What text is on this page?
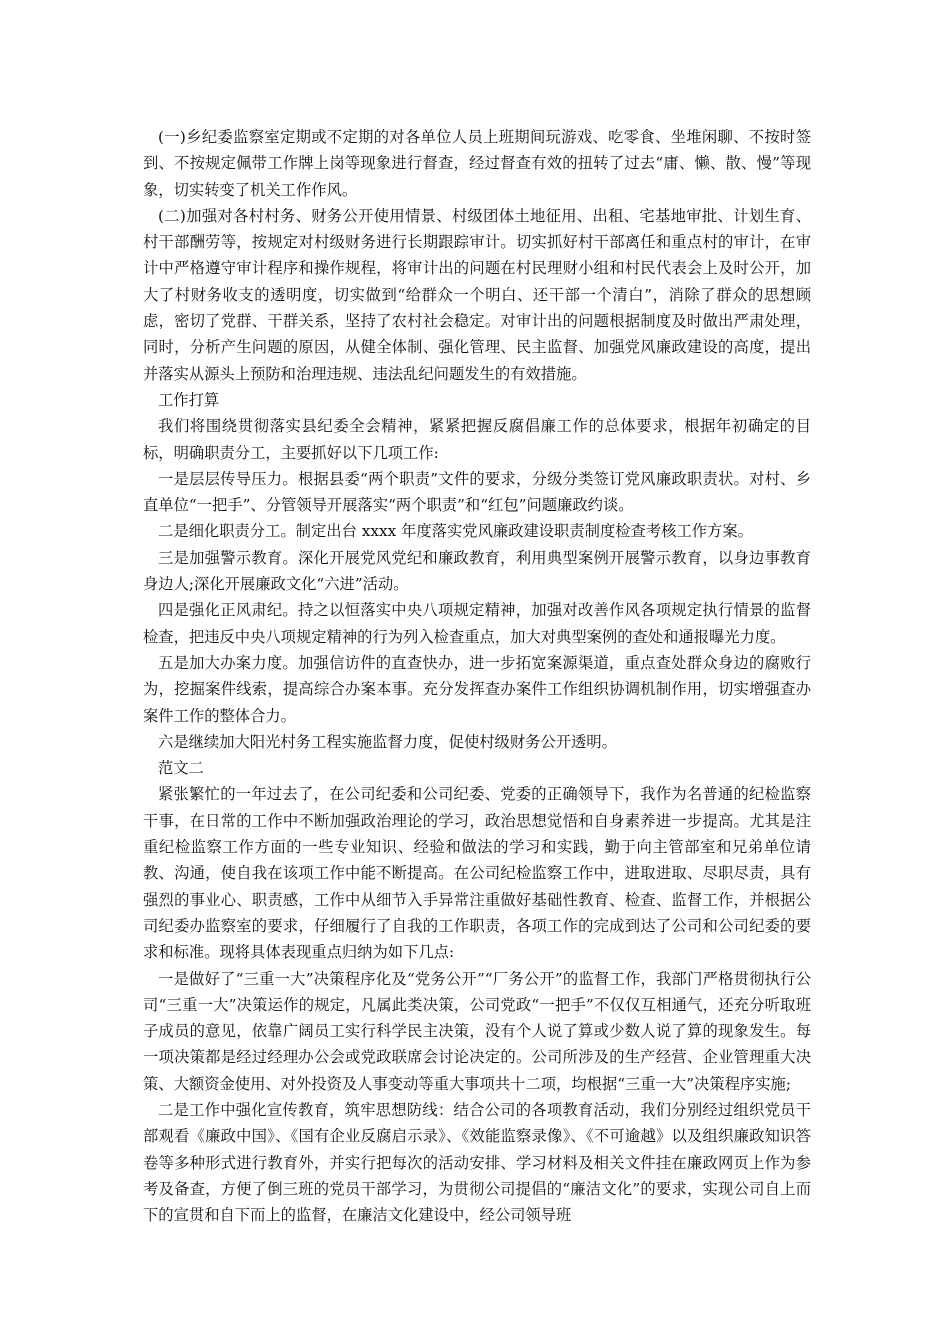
(一)乡纪委监察室定期或不定期的对各单位人员上班期间玩游戏、吃零食、坐堆闲聊、不按时签到、不按规定佩带工作牌上岗等现象进行督查，经过督查有效的扭转了过去“庸、懒、散、慢”等现象，切实转变了机关工作作风。

(二)加强对各村村务、财务公开使用情景、村级团体土地征用、出租、宅基地审批、计划生育、村干部酬劳等，按规定对村级财务进行长期跟踪审计。切实抓好村干部离任和重点村的审计，在审计中严格遵守审计程序和操作规程，将审计出的问题在村民理财小组和村民代表会上及时公开，加大了村财务收支的透明度，切实做到“给群众一个明白、还干部一个清白”，消除了群众的思想顾虑，密切了党群、干群关系，坚持了农村社会稳定。对审计出的问题根据制度及时做出严肃处理，同时，分析产生问题的原因，从健全体制、强化管理、民主监督、加强党风廉政建设的高度，提出并落实从源头上预防和治理违规、违法乱纪问题发生的有效措施。

工作打算

我们将围绕贯彻落实县纪委全会精神，紧紧把握反腐倡廉工作的总体要求，根据年初确定的目标，明确职责分工，主要抓好以下几项工作:

一是层层传导压力。根据县委“两个职责”文件的要求，分级分类签订党风廉政职责状。对村、乡直单位“一把手”、分管领导开展落实“两个职责”和“红包”问题廉政约谈。

二是细化职责分工。制定出台 xxxx 年度落实党风廉政建设职责制度检查考核工作方案。

三是加强警示教育。深化开展党风党纪和廉政教育，利用典型案例开展警示教育，以身边事教育身边人;深化开展廉政文化“六进”活动。

四是强化正风肃纪。持之以恒落实中央八项规定精神，加强对改善作风各项规定执行情景的监督检查，把违反中央八项规定精神的行为列入检查重点，加大对典型案例的查处和通报曝光力度。

五是加大办案力度。加强信访件的直查快办，进一步拓宽案源渠道，重点查处群众身边的腐败行为，挖掘案件线索，提高综合办案本事。充分发挥查办案件工作组织协调机制作用，切实增强查办案件工作的整体合力。

六是继续加大阳光村务工程实施监督力度，促使村级财务公开透明。

范文二

紧张繁忙的一年过去了，在公司纪委和公司纪委、党委的正确领导下，我作为名普通的纪检监察干事，在日常的工作中不断加强政治理论的学习，政治思想觉悟和自身素养进一步提高。尤其是注重纪检监察工作方面的一些专业知识、经验和做法的学习和实践，勤于向主管部室和兄弟单位请教、沟通，使自我在该项工作中能不断提高。在公司纪检监察工作中，进取进取、尽职尽责，具有强烈的事业心、职责感，工作中从细节入手异常注重做好基础性教育、检查、监督工作，并根据公司纪委办监察室的要求，仔细履行了自我的工作职责，各项工作的完成到达了公司和公司纪委的要求和标准。现将具体表现重点归纳为如下几点:

一是做好了“三重一大”决策程序化及“党务公开”“厂务公开”的监督工作，我部门严格贯彻执行公司“三重一大”决策运作的规定，凡属此类决策，公司党政“一把手”不仅仅互相通气，还充分听取班子成员的意见，依靠广阔员工实行科学民主决策，没有个人说了算或少数人说了算的现象发生。每一项决策都是经过经理办公会或党政联席会讨论决定的。公司所涉及的生产经营、企业管理重大决策、大额资金使用、对外投资及人事变动等重大事项共十二项，均根据“三重一大”决策程序实施;

二是工作中强化宣传教育，筑牢思想防线：结合公司的各项教育活动，我们分别经过组织党员干部观看《廉政中国》、《国有企业反腐启示录》、《效能监察录像》、《不可逾越》以及组织廉政知识答卷等多种形式进行教育外，并实行把每次的活动安排、学习材料及相关文件挂在廉政网页上作为参考及备查，方便了倒三班的党员干部学习，为贯彻公司提倡的“廉洁文化”的要求，实现公司自上而下的宣贯和自下而上的监督，在廉洁文化建设中，经公司领导班
